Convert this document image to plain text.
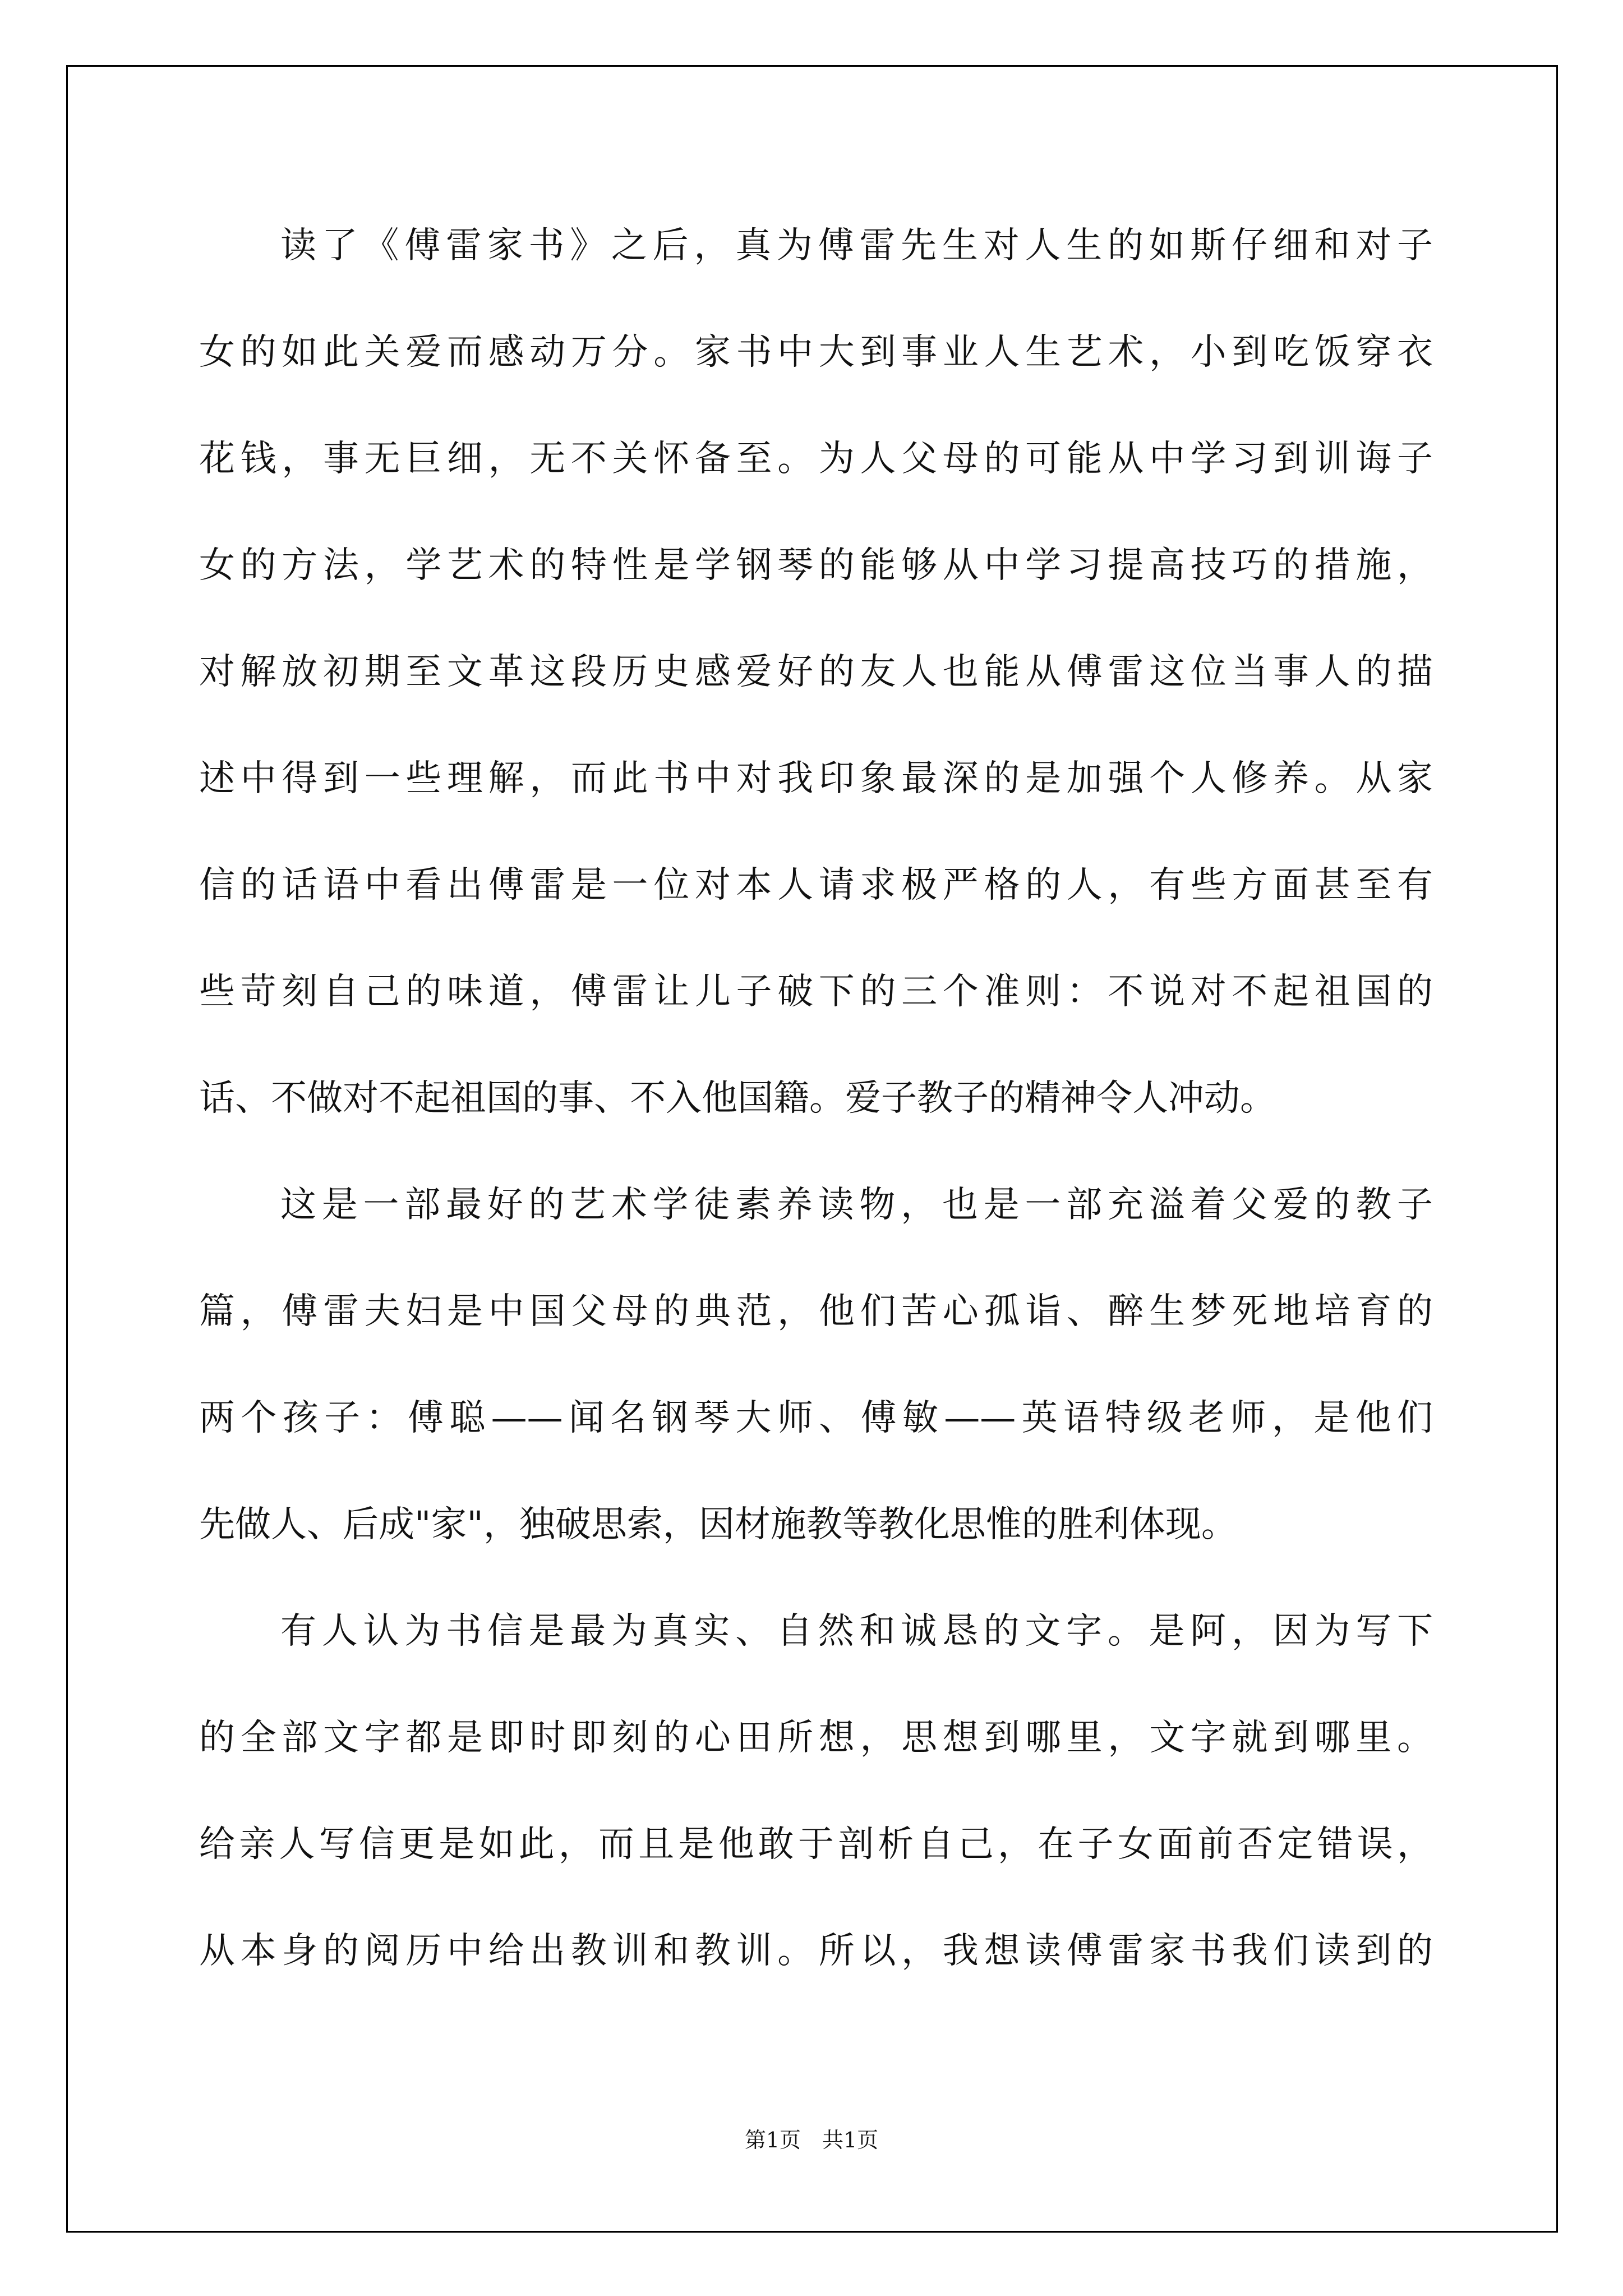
读了《傅雷家书》之后，真为傅雷先生对人生的如斯仔细和对子
女的如此关爱而感动万分。家书中大到事业人生艺术，小到吃饭穿衣
花钱，事无巨细，无不关怀备至。为人父母的可能从中学习到训诲子
女的方法，学艺术的特性是学钢琴的能够从中学习提高技巧的措施，
对解放初期至文革这段历史感爱好的友人也能从傅雷这位当事人的描
述中得到一些理解，而此书中对我印象最深的是加强个人修养。从家
信的话语中看出傅雷是一位对本人请求极严格的人，有些方面甚至有
些苛刻自己的味道，傅雷让儿子破下的三个准则：不说对不起祖国的
话、不做对不起祖国的事、不入他国籍。爱子教子的精神令人冲动。
这是一部最好的艺术学徒素养读物，也是一部充溢着父爱的教子
篇，傅雷夫妇是中国父母的典范，他们苦心孤诣、醉生梦死地培育的
两个孩子：傅聪——闻名钢琴大师、傅敏——英语特级老师，是他们
先做人、后成"家"，独破思索，因材施教等教化思惟的胜利体现。
有人认为书信是最为真实、自然和诚恳的文字。是阿，因为写下
的全部文字都是即时即刻的心田所想，思想到哪里，文字就到哪里。
给亲人写信更是如此，而且是他敢于剖析自己，在子女面前否定错误，
从本身的阅历中给出教训和教训。所以，我想读傅雷家书我们读到的
第1页　共1页
